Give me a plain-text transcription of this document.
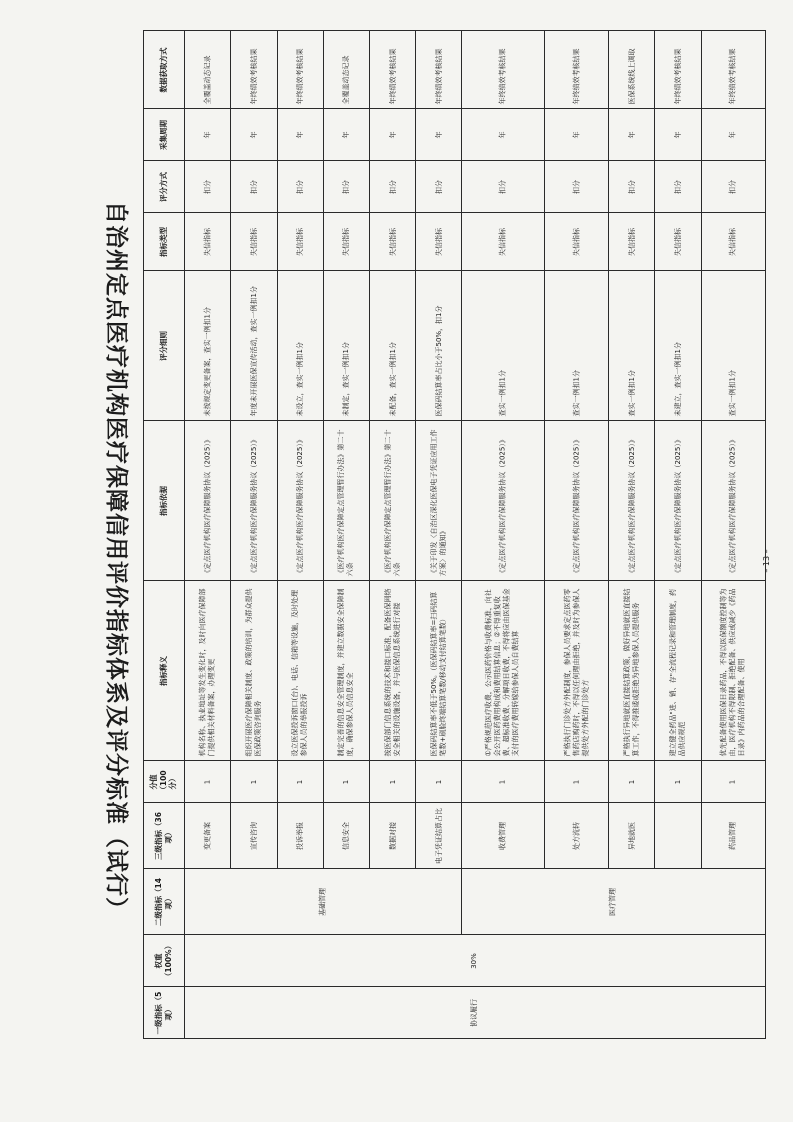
– 13 –
年终绩效考核结果	年	扣分	失信指标	查实一例扣1分	《定点医疗机构医疗保障服务协议（2025）》	优先配备使用医保目录药品，不得以医保额度控制等为由，医疗机构不得限制、拒绝配备、供应或减少《药品目录》内药品的合理配备、使用	1	药品管理	医疗管理	30%	协议履行
年终绩效考核结果	年	扣分	失信指标	未建立，查实一例扣1分	《定点医疗机构医疗保障服务协议（2025）》	建立健全药品"进、销、存"全流程记录和管理制度，药品供应规范	1				
医保系统线上调取	年	扣分	失信指标	查实一例扣1分	《定点医疗机构医疗保障服务协议（2025）》	严格执行异地就医直接结算政策，做好异地就医直接结算工作，不得推诿或拒绝为异地参保人员提供服务	1	异地就医			
年终绩效考核结果	年	扣分	失信指标	查实一例扣1分	《定点医疗机构医疗保障服务协议（2025）》	严格执行门诊处方外配制度，参保人员要求定点医药零售药店购药时，不得以任何理由拒绝，并及时为参保人提供处方外配的门诊处方	1	处方流转			
年终绩效考核结果	年	扣分	失信指标	查实一例扣1分	《定点医疗机构医疗保障服务协议（2025）》	①严格规范医疗收费，公示医药价格与收费标准，向社会公开医药费用构成和费用结算信息；②不得重复收费、超标准收费、分解项目收费，不得将应由医保基金支付的医疗费用转嫁给参保人员自费结算	1	收费管理			
年终绩效考核结果	年	扣分	失信指标	医保码结算率占比小于50%，扣1分	《关于印发〈自治区深化医保电子凭证应用工作方案〉的通知》	医保码结算率不低于50%。（医保码结算率=扫码结算笔数+刷脸终端结算笔数/移动支付结算笔数）	1	电子凭证结算占比	基础管理		
年终绩效考核结果	年	扣分	失信指标	未配备，查实一例扣1分	《医疗机构医疗保障定点管理暂行办法》第二十六条	按医保部门信息系统的技术和接口标准，配备医保网络安全相关的设施设备，并与医保信息系统进行对接	1	数据对接			
全覆盖动态记录	年	扣分	失信指标	未制定，查实一例扣1分	《医疗机构医疗保障定点管理暂行办法》第二十六条	制定完善的信息安全管理制度，并建立数据安全保障制度，确保参保人员信息安全	1	信息安全			
年终绩效考核结果	年	扣分	失信指标	未设立，查实一例扣1分	《定点医疗机构医疗保障服务协议（2025）》	设立医保投诉窗口(台)、电话、信箱等设施，及时处理参保人员的举报投诉	1	投诉举报			
年终绩效考核结果	年	扣分	失信指标	年度未开展医保宣传活动，查实一例扣1分	《定点医疗机构医疗保障服务协议（2025）》	组织开展医疗保障相关制度、政策的培训，为群众提供医保政策咨询服务	1	宣传咨询			
全覆盖动态记录	年	扣分	失信指标	未按规定变更备案，查实一例扣1分	《定点医疗机构医疗保障服务协议（2025）》	机构名称、执业地址等发生变化时，及时向医疗保障部门提供相关材料备案，办理变更	1	变更备案			
数据获取方式	采集周期	评分方式	指标类型	评分细则	指标依据	指标释义	分值（100分）	三级指标（36项）	二级指标（14项）	权重（100%）	一级指标（5项）
自治州定点医疗机构医疗保障信用评价指标体系及评分标准（试行）
